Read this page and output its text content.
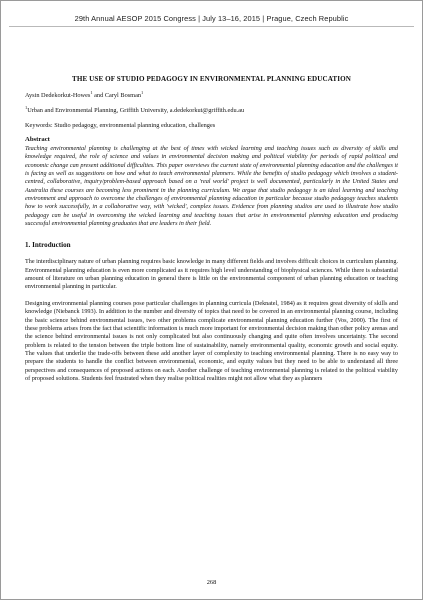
29th Annual AESOP 2015 Congress | July 13–16, 2015 | Prague, Czech Republic
THE USE OF STUDIO PEDAGOGY IN ENVIRONMENTAL PLANNING EDUCATION
Aysin Dedekorkut-Howes$^1$ and Caryl Bosman$^1$
$^1$Urban and Environmental Planning, Griffith University, a.dedekorkut@griffith.edu.au
Keywords: Studio pedagogy, environmental planning education, challenges
Abstract
Teaching environmental planning is challenging at the best of times with wicked learning and teaching issues such as diversity of skills and knowledge required, the role of science and values in environmental decision making and political viability for periods of rapid political and economic change can present additional difficulties. This paper overviews the current state of environmental planning education and the challenges it is facing as well as suggestions on how and what to teach environmental planners. While the benefits of studio pedagogy which involves a student-centred, collaborative, inquiry/problem-based approach based on a 'real world' project is well documented, particularly in the United States and Australia these courses are becoming less prominent in the planning curriculum. We argue that studio pedagogy is an ideal learning and teaching environment and approach to overcome the challenges of environmental planning education in particular because studio pedagogy teaches students how to work successfully, in a collaborative way, with 'wicked', complex issues. Evidence from planning studios are used to illustrate how studio pedagogy can be useful in overcoming the wicked learning and teaching issues that arise in environmental planning education and producing successful environmental planning graduates that are leaders in their field.
1. Introduction
The interdisciplinary nature of urban planning requires basic knowledge in many different fields and involves difficult choices in curriculum planning. Environmental planning education is even more complicated as it requires high level understanding of biophysical sciences. While there is substantial amount of literature on urban planning education in general there is little on the environmental component of urban planning education or teaching environmental planning in particular.
Designing environmental planning courses pose particular challenges in planning curricula (Deknatel, 1984) as it requires great diversity of skills and knowledge (Niebanck 1993). In addition to the number and diversity of topics that need to be covered in an environmental planning course, including the basic science behind environmental issues, two other problems complicate environmental planning education further (Vos, 2000). The first of these problems arises from the fact that scientific information is much more important for environmental decision making than other policy arenas and the science behind environmental issues is not only complicated but also continuously changing and quite often involves uncertainty. The second problem is related to the tension between the triple bottom line of sustainability, namely environmental quality, economic growth and social equity. The values that underlie the trade-offs between these add another layer of complexity to teaching environmental planning. There is no easy way to prepare the students to handle the conflict between environmental, economic, and equity values but they need to be able to understand all three perspectives and consequences of proposed actions on each. Another challenge of teaching environmental planning is related to the political viability of proposed solutions. Students feel frustrated when they realise political realities might not allow what they as planners
268
